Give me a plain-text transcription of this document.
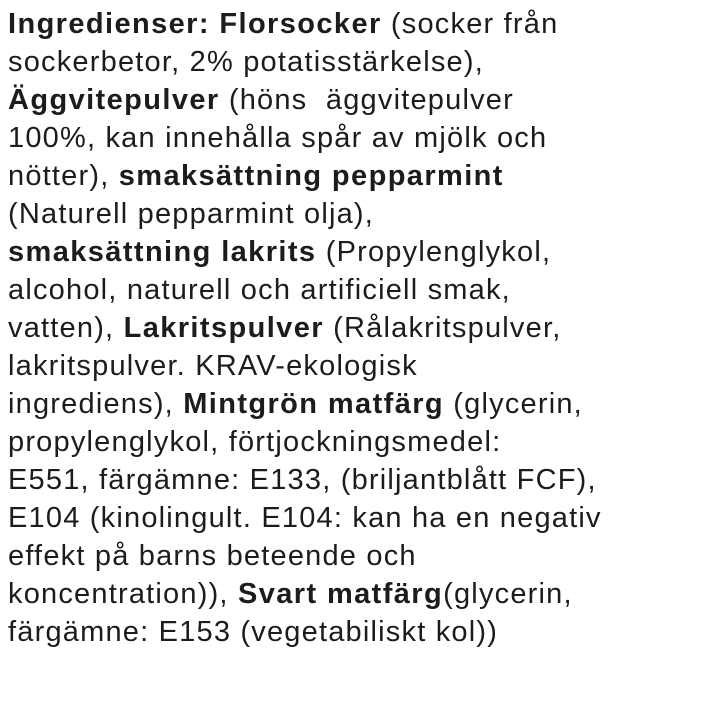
Ingredienser: Florsocker (socker från
sockerbetor, 2% potatisstärkelse),
Äggvitepulver (höns  äggvitepulver
100%, kan innehålla spår av mjölk och
nötter), smaksättning pepparmint
(Naturell pepparmint olja),
smaksättning lakrits (Propylenglykol,
alcohol, naturell och artificiell smak,
vatten), Lakritspulver (Rålakritspulver,
lakritspulver. KRAV-ekologisk
ingrediens), Mintgrön matfärg (glycerin,
propylenglykol, förtjockningsmedel:
E551, färgämne: E133, (briljantblått FCF),
E104 (kinolingult. E104: kan ha en negativ
effekt på barns beteende och
koncentration)), Svart matfärg(glycerin,
färgämne: E153 (vegetabiliskt kol))
